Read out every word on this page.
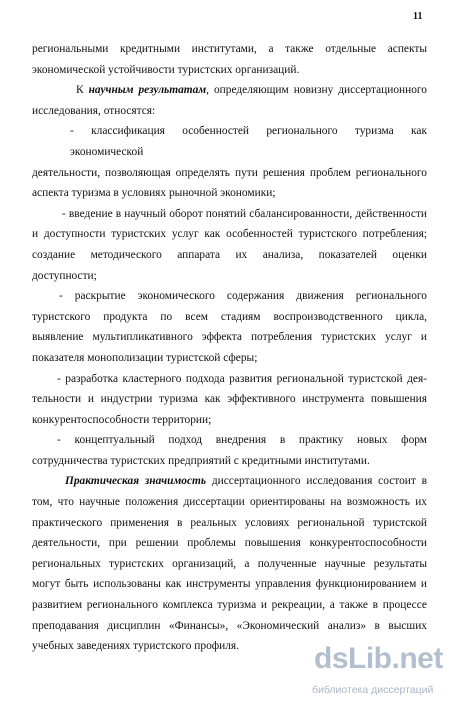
11

региональными кредитными институтами, а также отдельные аспекты
экономической устойчивости туристских организаций.

К научным результатам, определяющим новизну диссертационного
исследования, относятся:

- классификация особенностей регионального туризма как экономической
деятельности, позволяющая определять пути решения проблем регионального
аспекта туризма в условиях рыночной экономики;

- введение в научный оборот понятий сбалансированности, действенности
и доступности туристских услуг как особенностей туристского потребления;
создание методического аппарата их анализа, показателей оценки
доступности;

- раскрытие экономического содержания движения регионального
туристского продукта по всем стадиям воспроизводственного цикла,
выявление мультипликативного эффекта потребления туристских услуг и
показателя монополизации туристской сферы;

- разработка кластерного подхода развития региональной туристской дея-
тельности и индустрии туризма как эффективного инструмента повышения
конкурентоспособности территории;

- концептуальный подход внедрения в практику новых форм
сотрудничества туристских предприятий с кредитными институтами.

Практическая значимость диссертационного исследования состоит в
том, что научные положения диссертации ориентированы на возможность их
практического применения в реальных условиях региональной туристской
деятельности, при решении проблемы повышения конкурентоспособности
региональных туристских организаций, а полученные научные результаты
могут быть использованы как инструменты управления функционированием и
развитием регионального комплекса туризма и рекреации, а также в процессе
преподавания дисциплин «Финансы», «Экономический анализ» в высших
учебных заведениях туристского профиля.	dsLib.net
библиотека диссертаций
